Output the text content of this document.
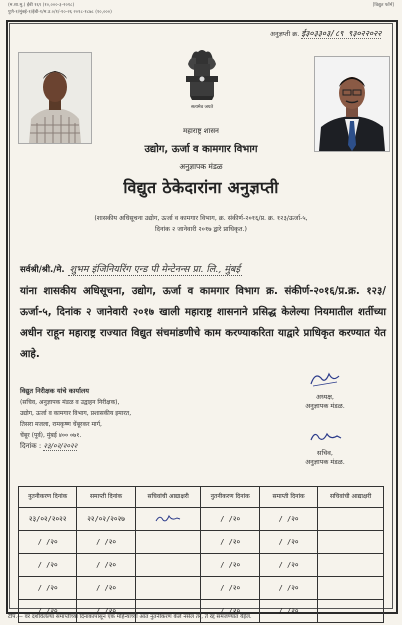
(म.शा.मु.) ईबी १६९ (१०,०००-३-२०१८)
पुणे-१/मुंबई-१/ईबी-१/म.उ.०/१/-१०-२६ २०१८-१८७८ (१०,०००)
[विद्युत फॉर्म]
अनुज्ञप्ती क्र. ई३०३३०३/८९ ९३०२२०२२
सत्यमेव जयते
महाराष्ट्र शासन
उद्योग, ऊर्जा व कामगार विभाग
अनुज्ञापक मंडळ
विद्युत ठेकेदारांना अनुज्ञप्ती
(शासकीय अधिसूचना उद्योग, ऊर्जा व कामगार विभाग, क्र. संकीर्ण-२०१६/प्र. क्र. १२३/ऊर्जा-५,
दिनांक २ जानेवारी २०१७ द्वारे प्राधिकृत.)
सर्वश्री/श्री./मे. शुभम इंजिनियरिंग एन्ड पी मेन्टेनन्स प्रा. लि., मुंबई
यांना शासकीय अधिसूचना, उद्योग, ऊर्जा व कामगार विभाग क्र. संकीर्ण-२०१६/प्र.क्र. १२३/ऊर्जा-५, दिनांक २ जानेवारी २०१७ खाली महाराष्ट्र शासनाने प्रसिद्ध केलेल्या नियमातील शर्तीच्या अधीन राहून महाराष्ट्र राज्यात विद्युत संचमांडणीचे काम करण्याकरिता याद्वारे प्राधिकृत करण्यात येत आहे.
अध्यक्ष,
अनुज्ञापक मंडळ.
सचिव,
अनुज्ञापक मंडळ.
विद्युत निरीक्षक यांचे कार्यालय
(सचिव, अनुज्ञापक मंडळ व उद्वाहन निरीक्षक),
उद्योग, ऊर्जा व कामगार विभाग, प्रशासकीय इमारत,
तिसरा मजला, रामकृष्ण चेंबूरकर मार्ग,
चेंबूर (पूर्व), मुंबई ४०० ०७१.
दिनांक : २३/०२/२०२२
नुतनीकरण दिनांक	समाप्ती दिनांक	सचिवांची आद्याक्षरी	नुतनीकरण दिनांक	समाप्ती दिनांक	सचिवांची आद्याक्षरी
२३/०२/२०२२	२२/०२/२०२७		/ /२०	/ /२०	
/ /२०	/ /२०		/ /२०	/ /२०	
/ /२०	/ /२०		/ /२०	/ /२०	
/ /२०	/ /२०		/ /२०	/ /२०	
/ /२०	/ /२०		/ /२०	/ /२०	
टीप.— वर दर्शविलेल्या समाप्तीच्या दिनांकापासून एक महिन्याच्या आत नुतनीकरण केले नसेल तर, ते रद्द समजण्यात येईल.
